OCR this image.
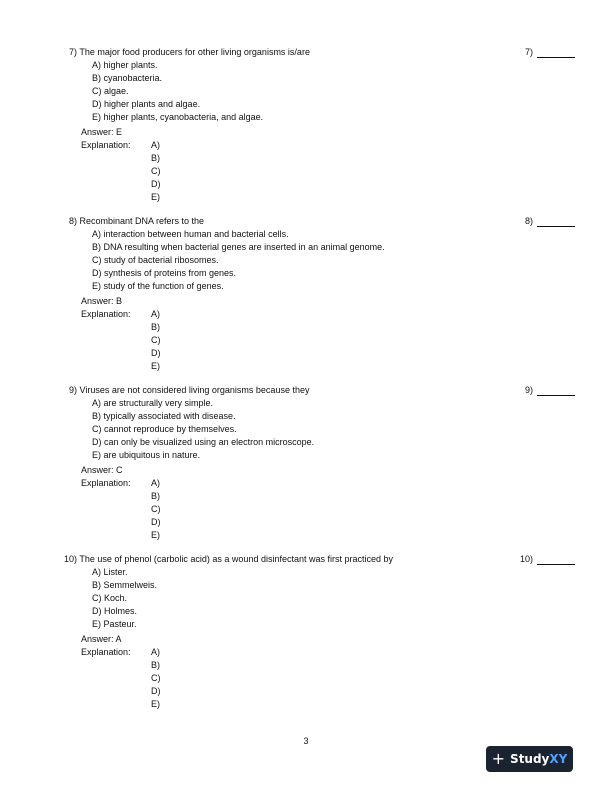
7) The major food producers for other living organisms is/are	7)
A) higher plants.
B) cyanobacteria.
C) algae.
D) higher plants and algae.
E) higher plants, cyanobacteria, and algae.
Answer: E
Explanation: A)
B)
C)
D)
E)
8) Recombinant DNA refers to the	8)
A) interaction between human and bacterial cells.
B) DNA resulting when bacterial genes are inserted in an animal genome.
C) study of bacterial ribosomes.
D) synthesis of proteins from genes.
E) study of the function of genes.
Answer: B
Explanation: A)
B)
C)
D)
E)
9) Viruses are not considered living organisms because they	9)
A) are structurally very simple.
B) typically associated with disease.
C) cannot reproduce by themselves.
D) can only be visualized using an electron microscope.
E) are ubiquitous in nature.
Answer: C
Explanation: A)
B)
C)
D)
E)
10) The use of phenol (carbolic acid) as a wound disinfectant was first practiced by	10)
A) Lister.
B) Semmelweis.
C) Koch.
D) Holmes.
E) Pasteur.
Answer: A
Explanation: A)
B)
C)
D)
E)
3
+ StudyXY
